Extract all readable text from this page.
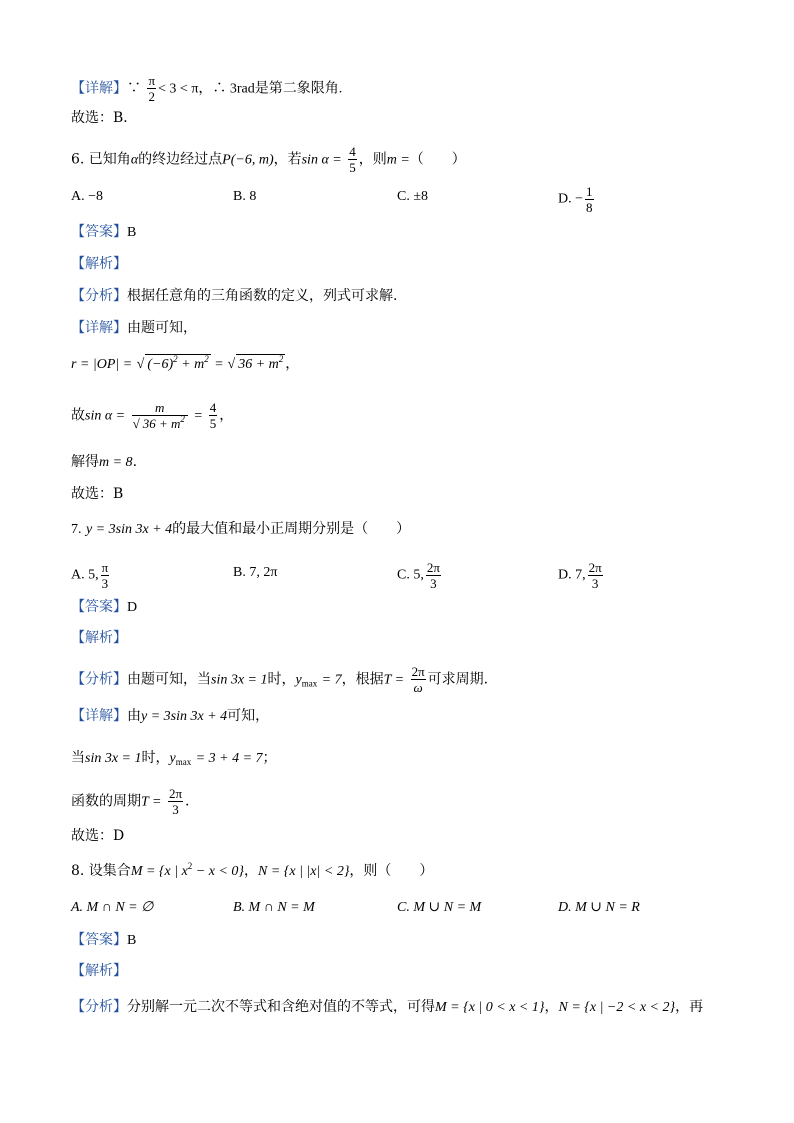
【详解】∵ $\frac{\pi}{2} < 3 < \pi$，∴ 3rad是第二象限角.
故选：B．
6. 已知角α的终边经过点P(−6, m)，若$\sin \alpha = \frac{4}{5}$ ，则m =（　　）
A. −8	B. 8	C. ±8	D. − $\frac{1}{8}$
【答案】B
【解析】
【分析】根据任意角的三角函数的定义，列式可求解.
【详解】由题可知，
r = |OP| = √ $(-6)^2 + m^2$ = √ $36 + m^2$ ，
故$\sin \alpha = \frac{m}{√ 36 + m^2} = \frac{4}{5}$ ，
解得m = 8.
故选：B
7. y = 3sin 3x + 4的最大值和最小正周期分别是（　　）
A. 5, $\frac{\pi}{3}$	B. 7, 2π	C. 5, $\frac{2\pi}{3}$	D. 7, $\frac{2\pi}{3}$
【答案】D
【解析】
【分析】由题可知，当sin 3x = 1时，$y_{max} = 7$，根据$T = \frac{2\pi}{\omega}$ 可求周期.
【详解】由y = 3sin 3x + 4可知，
当sin 3x = 1时，$y_{max} = 3 + 4 = 7$；
函数的周期$T = \frac{2\pi}{3}$ .
故选：D
8. 设集合M = {x | $x^2 - x < 0$}，N = {x | |x| < 2}，则（　　）
A. M ∩ N = ∅	B. M ∩ N = M	C. M ∪ N = M	D. M ∪ N = R
【答案】B
【解析】
【分析】分别解一元二次不等式和含绝对值的不等式，可得M = {x | 0 < x < 1}，N = {x | −2 < x < 2}，再
